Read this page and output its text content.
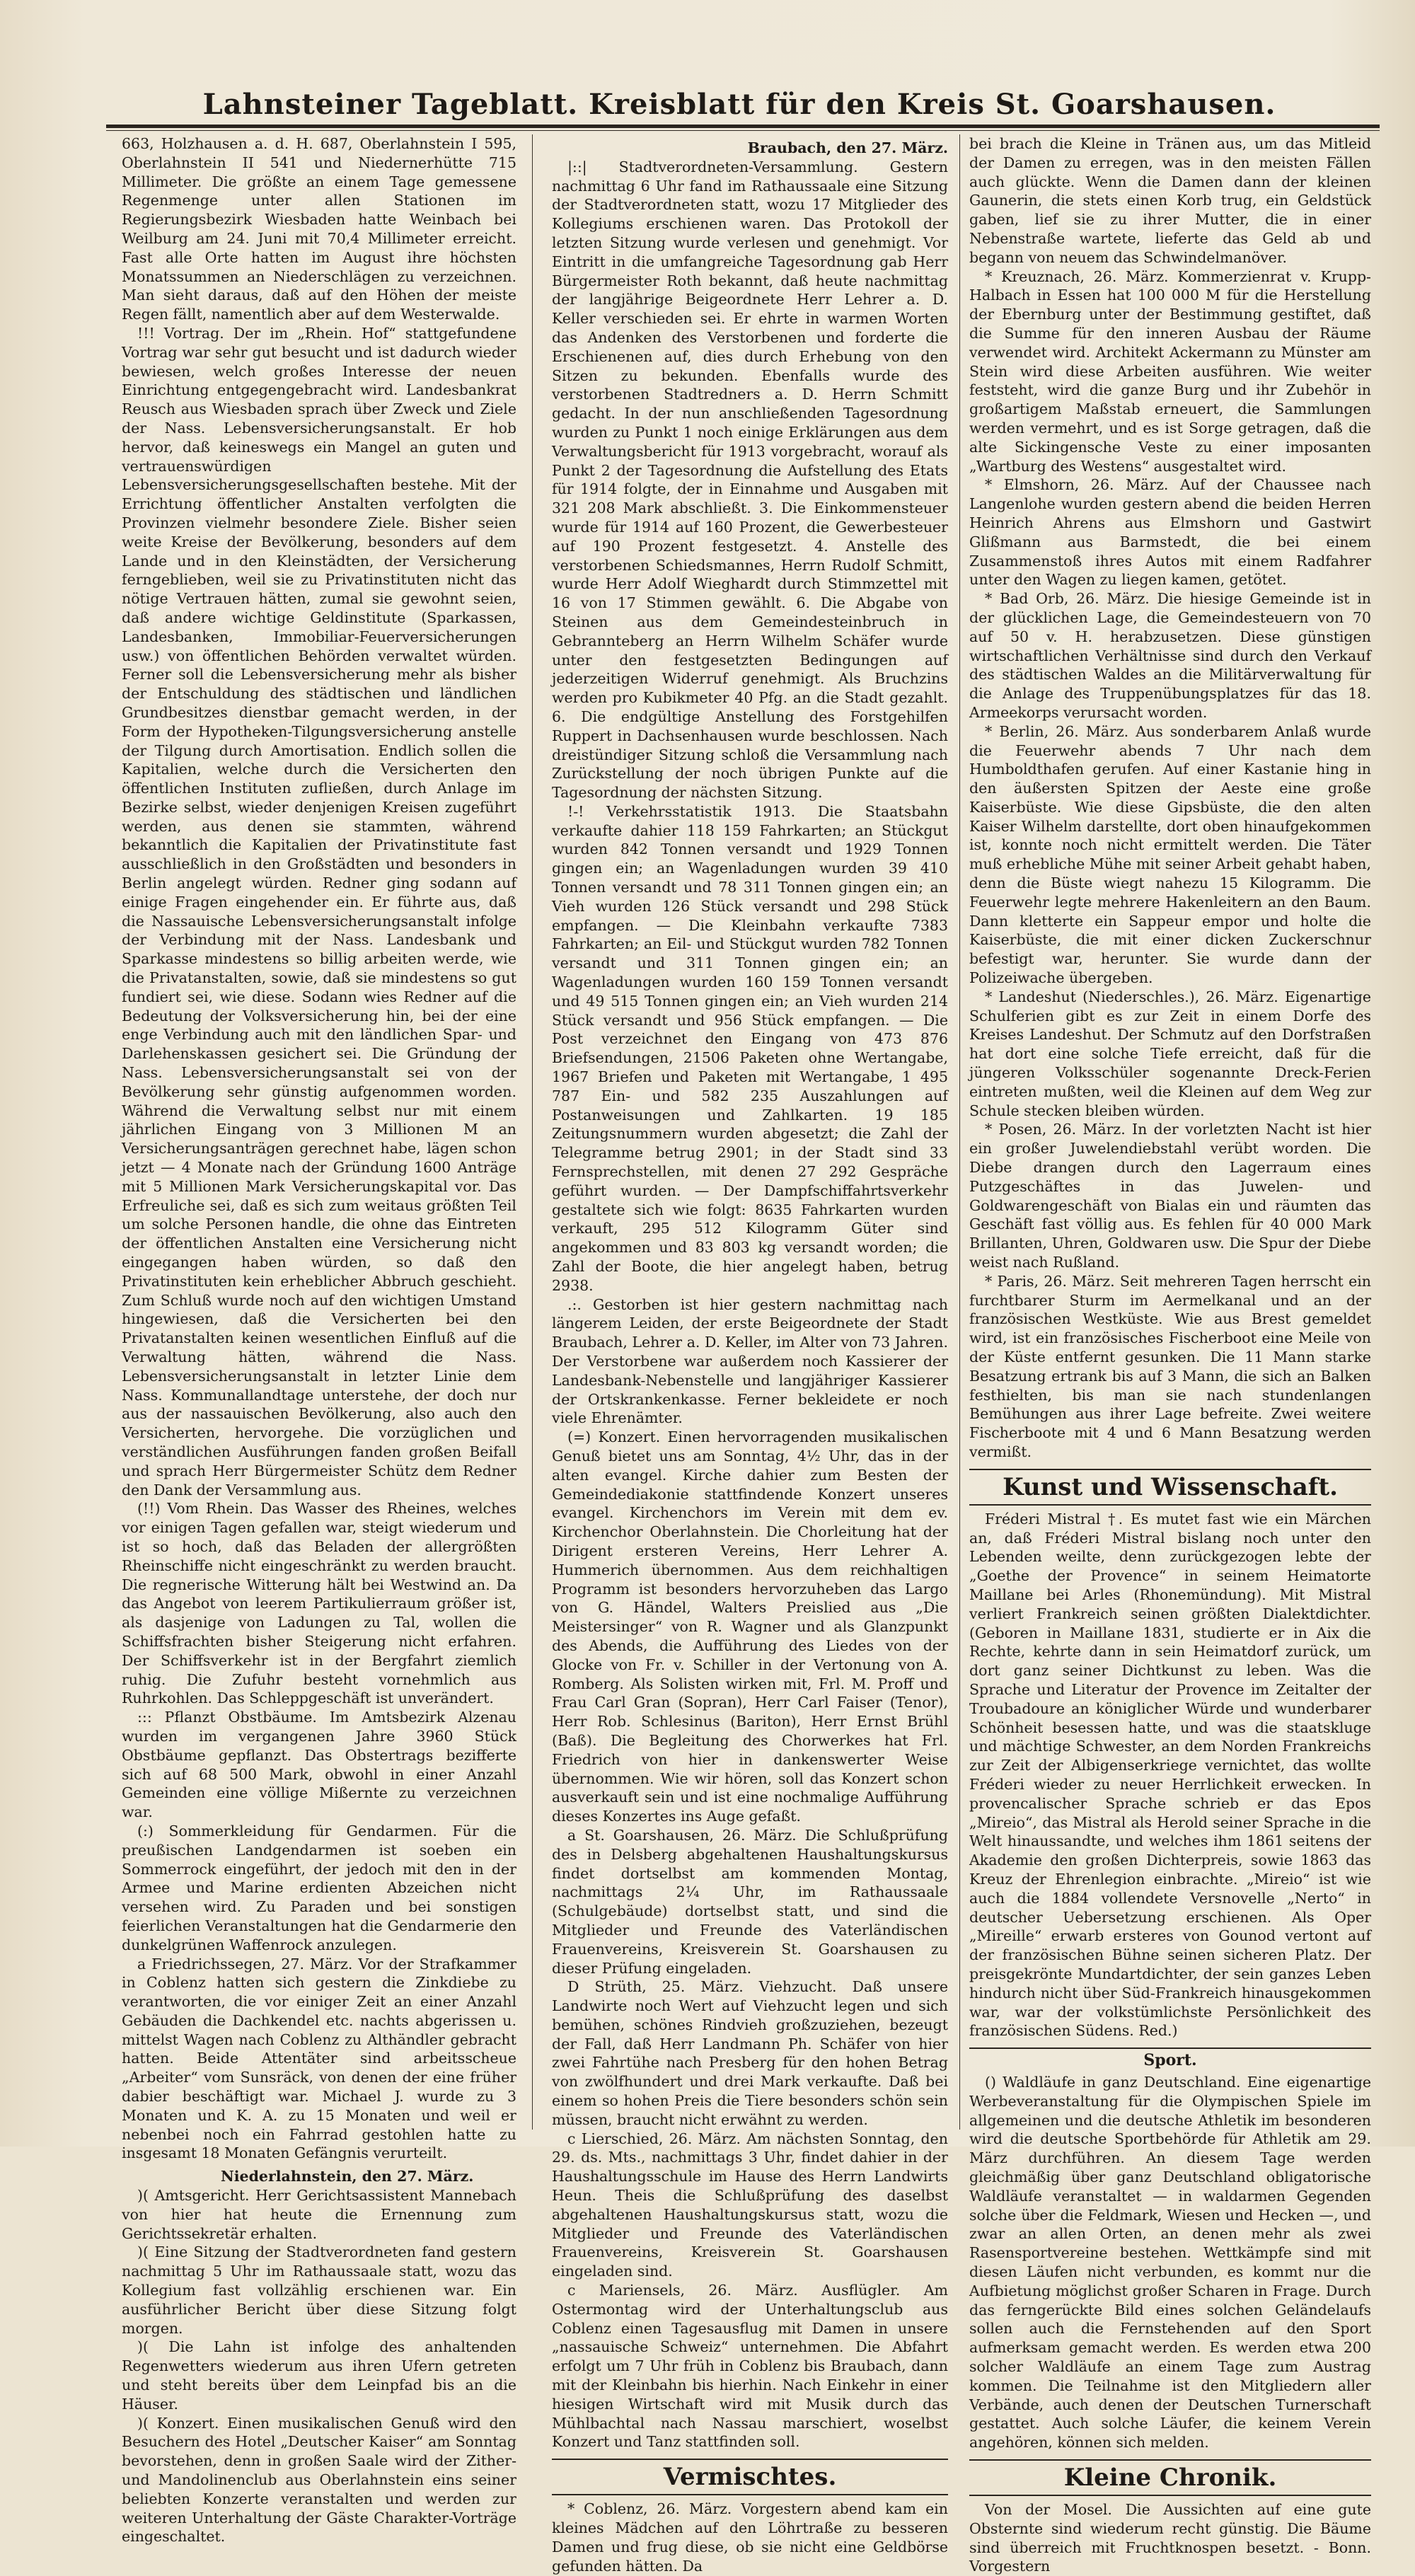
Lahnsteiner Tageblatt. Kreisblatt für den Kreis St. Goarshausen.

663, Holzhausen a. d. H. 687, Oberlahnstein I 595, Oberlahnstein II 541 und Niedernerhütte 715 Millimeter. Die größte an einem Tage gemessene Regenmenge unter allen Stationen im Regierungsbezirk Wiesbaden hatte Weinbach bei Weilburg am 24. Juni mit 70,4 Millimeter erreicht. Fast alle Orte hatten im August ihre höchsten Monatssummen an Niederschlägen zu verzeichnen. Man sieht daraus, daß auf den Höhen der meiste Regen fällt, namentlich aber auf dem Westerwalde.

!!! Vortrag. Der im „Rhein. Hof“ stattgefundene Vortrag war sehr gut besucht und ist dadurch wieder bewiesen, welch großes Interesse der neuen Einrichtung entgegengebracht wird. Landesbankrat Reusch aus Wiesbaden sprach über Zweck und Ziele der Nass. Lebensversicherungsanstalt. Er hob hervor, daß keineswegs ein Mangel an guten und vertrauenswürdigen Lebensversicherungsgesellschaften bestehe. Mit der Errichtung öffentlicher Anstalten verfolgten die Provinzen vielmehr besondere Ziele. Bisher seien weite Kreise der Bevölkerung, besonders auf dem Lande und in den Kleinstädten, der Versicherung ferngeblieben, weil sie zu Privatinstituten nicht das nötige Vertrauen hätten, zumal sie gewohnt seien, daß andere wichtige Geldinstitute (Sparkassen, Landesbanken, Immobiliar-Feuerversicherungen usw.) von öffentlichen Behörden verwaltet würden. Ferner soll die Lebensversicherung mehr als bisher der Entschuldung des städtischen und ländlichen Grundbesitzes dienstbar gemacht werden, in der Form der Hypotheken-Tilgungsversicherung anstelle der Tilgung durch Amortisation. Endlich sollen die Kapitalien, welche durch die Versicherten den öffentlichen Instituten zufließen, durch Anlage im Bezirke selbst, wieder denjenigen Kreisen zugeführt werden, aus denen sie stammten, während bekanntlich die Kapitalien der Privatinstitute fast ausschließlich in den Großstädten und besonders in Berlin angelegt würden. Redner ging sodann auf einige Fragen eingehender ein. Er führte aus, daß die Nassauische Lebensversicherungsanstalt infolge der Verbindung mit der Nass. Landesbank und Sparkasse mindestens so billig arbeiten werde, wie die Privatanstalten, sowie, daß sie mindestens so gut fundiert sei, wie diese. Sodann wies Redner auf die Bedeutung der Volksversicherung hin, bei der eine enge Verbindung auch mit den ländlichen Spar- und Darlehenskassen gesichert sei. Die Gründung der Nass. Lebensversicherungsanstalt sei von der Bevölkerung sehr günstig aufgenommen worden. Während die Verwaltung selbst nur mit einem jährlichen Eingang von 3 Millionen M an Versicherungsanträgen gerechnet habe, lägen schon jetzt — 4 Monate nach der Gründung 1600 Anträge mit 5 Millionen Mark Versicherungskapital vor. Das Erfreuliche sei, daß es sich zum weitaus größten Teil um solche Personen handle, die ohne das Eintreten der öffentlichen Anstalten eine Versicherung nicht eingegangen haben würden, so daß den Privatinstituten kein erheblicher Abbruch geschieht. Zum Schluß wurde noch auf den wichtigen Umstand hingewiesen, daß die Versicherten bei den Privatanstalten keinen wesentlichen Einfluß auf die Verwaltung hätten, während die Nass. Lebensversicherungsanstalt in letzter Linie dem Nass. Kommunallandtage unterstehe, der doch nur aus der nassauischen Bevölkerung, also auch den Versicherten, hervorgehe. Die vorzüglichen und verständlichen Ausführungen fanden großen Beifall und sprach Herr Bürgermeister Schütz dem Redner den Dank der Versammlung aus.

(!!) Vom Rhein. Das Wasser des Rheines, welches vor einigen Tagen gefallen war, steigt wiederum und ist so hoch, daß das Beladen der allergrößten Rheinschiffe nicht eingeschränkt zu werden braucht. Die regnerische Witterung hält bei Westwind an. Da das Angebot von leerem Partikulierraum größer ist, als dasjenige von Ladungen zu Tal, wollen die Schiffsfrachten bisher Steigerung nicht erfahren. Der Schiffsverkehr ist in der Bergfahrt ziemlich ruhig. Die Zufuhr besteht vornehmlich aus Ruhrkohlen. Das Schleppgeschäft ist unverändert.

::: Pflanzt Obstbäume. Im Amtsbezirk Alzenau wurden im vergangenen Jahre 3960 Stück Obstbäume gepflanzt. Das Obstertrags bezifferte sich auf 68 500 Mark, obwohl in einer Anzahl Gemeinden eine völlige Mißernte zu verzeichnen war.

(:) Sommerkleidung für Gendarmen. Für die preußischen Landgendarmen ist soeben ein Sommerrock eingeführt, der jedoch mit den in der Armee und Marine erdienten Abzeichen nicht versehen wird. Zu Paraden und bei sonstigen feierlichen Veranstaltungen hat die Gendarmerie den dunkelgrünen Waffenrock anzulegen.

a Friedrichssegen, 27. März. Vor der Strafkammer in Coblenz hatten sich gestern die Zinkdiebe zu verantworten, die vor einiger Zeit an einer Anzahl Gebäuden die Dachkendel etc. nachts abgerissen u. mittelst Wagen nach Coblenz zu Althändler gebracht hatten. Beide Attentäter sind arbeitsscheue „Arbeiter“ vom Sunsräck, von denen der eine früher dabier beschäftigt war. Michael J. wurde zu 3 Monaten und K. A. zu 15 Monaten und weil er nebenbei noch ein Fahrrad gestohlen hatte zu insgesamt 18 Monaten Gefängnis verurteilt.

Niederlahnstein, den 27. März.

)( Amtsgericht. Herr Gerichtsassistent Mannebach von hier hat heute die Ernennung zum Gerichtssekretär erhalten.

)( Eine Sitzung der Stadtverordneten fand gestern nachmittag 5 Uhr im Rathaussaale statt, wozu das Kollegium fast vollzählig erschienen war. Ein ausführlicher Bericht über diese Sitzung folgt morgen.

)( Die Lahn ist infolge des anhaltenden Regenwetters wiederum aus ihren Ufern getreten und steht bereits über dem Leinpfad bis an die Häuser.

)( Konzert. Einen musikalischen Genuß wird den Besuchern des Hotel „Deutscher Kaiser“ am Sonntag bevorstehen, denn in großen Saale wird der Zither- und Mandolinenclub aus Oberlahnstein eins seiner beliebten Konzerte veranstalten und werden zur weiteren Unterhaltung der Gäste Charakter-Vorträge eingeschaltet.

Braubach, den 27. März.

|::| Stadtverordneten-Versammlung. Gestern nachmittag 6 Uhr fand im Rathaussaale eine Sitzung der Stadtverordneten statt, wozu 17 Mitglieder des Kollegiums erschienen waren. Das Protokoll der letzten Sitzung wurde verlesen und genehmigt. Vor Eintritt in die umfangreiche Tagesordnung gab Herr Bürgermeister Roth bekannt, daß heute nachmittag der langjährige Beigeordnete Herr Lehrer a. D. Keller verschieden sei. Er ehrte in warmen Worten das Andenken des Verstorbenen und forderte die Erschienenen auf, dies durch Erhebung von den Sitzen zu bekunden. Ebenfalls wurde des verstorbenen Stadtredners a. D. Herrn Schmitt gedacht. In der nun anschließenden Tagesordnung wurden zu Punkt 1 noch einige Erklärungen aus dem Verwaltungsbericht für 1913 vorgebracht, worauf als Punkt 2 der Tagesordnung die Aufstellung des Etats für 1914 folgte, der in Einnahme und Ausgaben mit 321 208 Mark abschließt. 3. Die Einkommensteuer wurde für 1914 auf 160 Prozent, die Gewerbesteuer auf 190 Prozent festgesetzt. 4. Anstelle des verstorbenen Schiedsmannes, Herrn Rudolf Schmitt, wurde Herr Adolf Wieghardt durch Stimmzettel mit 16 von 17 Stimmen gewählt. 6. Die Abgabe von Steinen aus dem Gemeindesteinbruch in Gebrannteberg an Herrn Wilhelm Schäfer wurde unter den festgesetzten Bedingungen auf jederzeitigen Widerruf genehmigt. Als Bruchzins werden pro Kubikmeter 40 Pfg. an die Stadt gezahlt. 6. Die endgültige Anstellung des Forstgehilfen Ruppert in Dachsenhausen wurde beschlossen. Nach dreistündiger Sitzung schloß die Versammlung nach Zurückstellung der noch übrigen Punkte auf die Tagesordnung der nächsten Sitzung.

!-! Verkehrsstatistik 1913. Die Staatsbahn verkaufte dahier 118 159 Fahrkarten; an Stückgut wurden 842 Tonnen versandt und 1929 Tonnen gingen ein; an Wagenladungen wurden 39 410 Tonnen versandt und 78 311 Tonnen gingen ein; an Vieh wurden 126 Stück versandt und 298 Stück empfangen. — Die Kleinbahn verkaufte 7383 Fahrkarten; an Eil- und Stückgut wurden 782 Tonnen versandt und 311 Tonnen gingen ein; an Wagenladungen wurden 160 159 Tonnen versandt und 49 515 Tonnen gingen ein; an Vieh wurden 214 Stück versandt und 956 Stück empfangen. — Die Post verzeichnet den Eingang von 473 876 Briefsendungen, 21506 Paketen ohne Wertangabe, 1967 Briefen und Paketen mit Wertangabe, 1 495 787 Ein- und 582 235 Auszahlungen auf Postanweisungen und Zahlkarten. 19 185 Zeitungsnummern wurden abgesetzt; die Zahl der Telegramme betrug 2901; in der Stadt sind 33 Fernsprechstellen, mit denen 27 292 Gespräche geführt wurden. — Der Dampfschiffahrtsverkehr gestaltete sich wie folgt: 8635 Fahrkarten wurden verkauft, 295 512 Kilogramm Güter sind angekommen und 83 803 kg versandt worden; die Zahl der Boote, die hier angelegt haben, betrug 2938.

.:. Gestorben ist hier gestern nachmittag nach längerem Leiden, der erste Beigeordnete der Stadt Braubach, Lehrer a. D. Keller, im Alter von 73 Jahren. Der Verstorbene war außerdem noch Kassierer der Landesbank-Nebenstelle und langjähriger Kassierer der Ortskrankenkasse. Ferner bekleidete er noch viele Ehrenämter.

(=) Konzert. Einen hervorragenden musikalischen Genuß bietet uns am Sonntag, 4½ Uhr, das in der alten evangel. Kirche dahier zum Besten der Gemeindediakonie stattfindende Konzert unseres evangel. Kirchenchors im Verein mit dem ev. Kirchenchor Oberlahnstein. Die Chorleitung hat der Dirigent ersteren Vereins, Herr Lehrer A. Hummerich übernommen. Aus dem reichhaltigen Programm ist besonders hervorzuheben das Largo von G. Händel, Walters Preislied aus „Die Meistersinger“ von R. Wagner und als Glanzpunkt des Abends, die Aufführung des Liedes von der Glocke von Fr. v. Schiller in der Vertonung von A. Romberg. Als Solisten wirken mit, Frl. M. Proff und Frau Carl Gran (Sopran), Herr Carl Faiser (Tenor), Herr Rob. Schlesinus (Bariton), Herr Ernst Brühl (Baß). Die Begleitung des Chorwerkes hat Frl. Friedrich von hier in dankenswerter Weise übernommen. Wie wir hören, soll das Konzert schon ausverkauft sein und ist eine nochmalige Aufführung dieses Konzertes ins Auge gefaßt.

a St. Goarshausen, 26. März. Die Schlußprüfung des in Delsberg abgehaltenen Haushaltungskursus findet dortselbst am kommenden Montag, nachmittags 2¼ Uhr, im Rathaussaale (Schulgebäude) dortselbst statt, und sind die Mitglieder und Freunde des Vaterländischen Frauenvereins, Kreisverein St. Goarshausen zu dieser Prüfung eingeladen.

D Strüth, 25. März. Viehzucht. Daß unsere Landwirte noch Wert auf Viehzucht legen und sich bemühen, schönes Rindvieh großzuziehen, bezeugt der Fall, daß Herr Landmann Ph. Schäfer von hier zwei Fahrtühe nach Presberg für den hohen Betrag von zwölfhundert und drei Mark verkaufte. Daß bei einem so hohen Preis die Tiere besonders schön sein müssen, braucht nicht erwähnt zu werden.

c Lierschied, 26. März. Am nächsten Sonntag, den 29. ds. Mts., nachmittags 3 Uhr, findet dahier in der Haushaltungsschule im Hause des Herrn Landwirts Heun. Theis die Schlußprüfung des daselbst abgehaltenen Haushaltungskursus statt, wozu die Mitglieder und Freunde des Vaterländischen Frauenvereins, Kreisverein St. Goarshausen eingeladen sind.

c Mariensels, 26. März. Ausflügler. Am Ostermontag wird der Unterhaltungsclub aus Coblenz einen Tagesausflug mit Damen in unsere „nassauische Schweiz“ unternehmen. Die Abfahrt erfolgt um 7 Uhr früh in Coblenz bis Braubach, dann mit der Kleinbahn bis hierhin. Nach Einkehr in einer hiesigen Wirtschaft wird mit Musik durch das Mühlbachtal nach Nassau marschiert, woselbst Konzert und Tanz stattfinden soll.

Vermischtes.

* Coblenz, 26. März. Vorgestern abend kam ein kleines Mädchen auf den Löhrtraße zu besseren Damen und frug diese, ob sie nicht eine Geldbörse gefunden hätten. Da

bei brach die Kleine in Tränen aus, um das Mitleid der Damen zu erregen, was in den meisten Fällen auch glückte. Wenn die Damen dann der kleinen Gaunerin, die stets einen Korb trug, ein Geldstück gaben, lief sie zu ihrer Mutter, die in einer Nebenstraße wartete, lieferte das Geld ab und begann von neuem das Schwindelmanöver.

* Kreuznach, 26. März. Kommerzienrat v. Krupp-Halbach in Essen hat 100 000 M für die Herstellung der Ebernburg unter der Bestimmung gestiftet, daß die Summe für den inneren Ausbau der Räume verwendet wird. Architekt Ackermann zu Münster am Stein wird diese Arbeiten ausführen. Wie weiter feststeht, wird die ganze Burg und ihr Zubehör in großartigem Maßstab erneuert, die Sammlungen werden vermehrt, und es ist Sorge getragen, daß die alte Sickingensche Veste zu einer imposanten „Wartburg des Westens“ ausgestaltet wird.

* Elmshorn, 26. März. Auf der Chaussee nach Langenlohe wurden gestern abend die beiden Herren Heinrich Ahrens aus Elmshorn und Gastwirt Glißmann aus Barmstedt, die bei einem Zusammenstoß ihres Autos mit einem Radfahrer unter den Wagen zu liegen kamen, getötet.

* Bad Orb, 26. März. Die hiesige Gemeinde ist in der glücklichen Lage, die Gemeindesteuern von 70 auf 50 v. H. herabzusetzen. Diese günstigen wirtschaftlichen Verhältnisse sind durch den Verkauf des städtischen Waldes an die Militärverwaltung für die Anlage des Truppenübungsplatzes für das 18. Armeekorps verursacht worden.

* Berlin, 26. März. Aus sonderbarem Anlaß wurde die Feuerwehr abends 7 Uhr nach dem Humboldthafen gerufen. Auf einer Kastanie hing in den äußersten Spitzen der Aeste eine große Kaiserbüste. Wie diese Gipsbüste, die den alten Kaiser Wilhelm darstellte, dort oben hinaufgekommen ist, konnte noch nicht ermittelt werden. Die Täter muß erhebliche Mühe mit seiner Arbeit gehabt haben, denn die Büste wiegt nahezu 15 Kilogramm. Die Feuerwehr legte mehrere Hakenleitern an den Baum. Dann kletterte ein Sappeur empor und holte die Kaiserbüste, die mit einer dicken Zuckerschnur befestigt war, herunter. Sie wurde dann der Polizeiwache übergeben.

* Landeshut (Niederschles.), 26. März. Eigenartige Schulferien gibt es zur Zeit in einem Dorfe des Kreises Landeshut. Der Schmutz auf den Dorfstraßen hat dort eine solche Tiefe erreicht, daß für die jüngeren Volksschüler sogenannte Dreck-Ferien eintreten mußten, weil die Kleinen auf dem Weg zur Schule stecken bleiben würden.

* Posen, 26. März. In der vorletzten Nacht ist hier ein großer Juwelendiebstahl verübt worden. Die Diebe drangen durch den Lagerraum eines Putzgeschäftes in das Juwelen- und Goldwarengeschäft von Bialas ein und räumten das Geschäft fast völlig aus. Es fehlen für 40 000 Mark Brillanten, Uhren, Goldwaren usw. Die Spur der Diebe weist nach Rußland.

* Paris, 26. März. Seit mehreren Tagen herrscht ein furchtbarer Sturm im Aermelkanal und an der französischen Westküste. Wie aus Brest gemeldet wird, ist ein französisches Fischerboot eine Meile von der Küste entfernt gesunken. Die 11 Mann starke Besatzung ertrank bis auf 3 Mann, die sich an Balken festhielten, bis man sie nach stundenlangen Bemühungen aus ihrer Lage befreite. Zwei weitere Fischerboote mit 4 und 6 Mann Besatzung werden vermißt.

Kunst und Wissenschaft.

Fréderi Mistral †. Es mutet fast wie ein Märchen an, daß Fréderi Mistral bislang noch unter den Lebenden weilte, denn zurückgezogen lebte der „Goethe der Provence“ in seinem Heimatorte Maillane bei Arles (Rhonemündung). Mit Mistral verliert Frankreich seinen größten Dialektdichter. (Geboren in Maillane 1831, studierte er in Aix die Rechte, kehrte dann in sein Heimatdorf zurück, um dort ganz seiner Dichtkunst zu leben. Was die Sprache und Literatur der Provence im Zeitalter der Troubadoure an königlicher Würde und wunderbarer Schönheit besessen hatte, und was die staatskluge und mächtige Schwester, an dem Norden Frankreichs zur Zeit der Albigenserkriege vernichtet, das wollte Fréderi wieder zu neuer Herrlichkeit erwecken. In provencalischer Sprache schrieb er das Epos „Mireio“, das Mistral als Herold seiner Sprache in die Welt hinaussandte, und welches ihm 1861 seitens der Akademie den großen Dichterpreis, sowie 1863 das Kreuz der Ehrenlegion einbrachte. „Mireio“ ist wie auch die 1884 vollendete Versnovelle „Nerto“ in deutscher Uebersetzung erschienen. Als Oper „Mireille“ erwarb ersteres von Gounod vertont auf der französischen Bühne seinen sicheren Platz. Der preisgekrönte Mundartdichter, der sein ganzes Leben hindurch nicht über Süd-Frankreich hinausgekommen war, war der volkstümlichste Persönlichkeit des französischen Südens. Red.)

Sport.

() Waldläufe in ganz Deutschland. Eine eigenartige Werbeveranstaltung für die Olympischen Spiele im allgemeinen und die deutsche Athletik im besonderen wird die deutsche Sportbehörde für Athletik am 29. März durchführen. An diesem Tage werden gleichmäßig über ganz Deutschland obligatorische Waldläufe veranstaltet — in waldarmen Gegenden solche über die Feldmark, Wiesen und Hecken —, und zwar an allen Orten, an denen mehr als zwei Rasensportvereine bestehen. Wettkämpfe sind mit diesen Läufen nicht verbunden, es kommt nur die Aufbietung möglichst großer Scharen in Frage. Durch das ferngerückte Bild eines solchen Geländelaufs sollen auch die Fernstehenden auf den Sport aufmerksam gemacht werden. Es werden etwa 200 solcher Waldläufe an einem Tage zum Austrag kommen. Die Teilnahme ist den Mitgliedern aller Verbände, auch denen der Deutschen Turnerschaft gestattet. Auch solche Läufer, die keinem Verein angehören, können sich melden.

Kleine Chronik.

Von der Mosel. Die Aussichten auf eine gute Obsternte sind wiederum recht günstig. Die Bäume sind überreich mit Fruchtknospen besetzt. - Bonn. Vorgestern
